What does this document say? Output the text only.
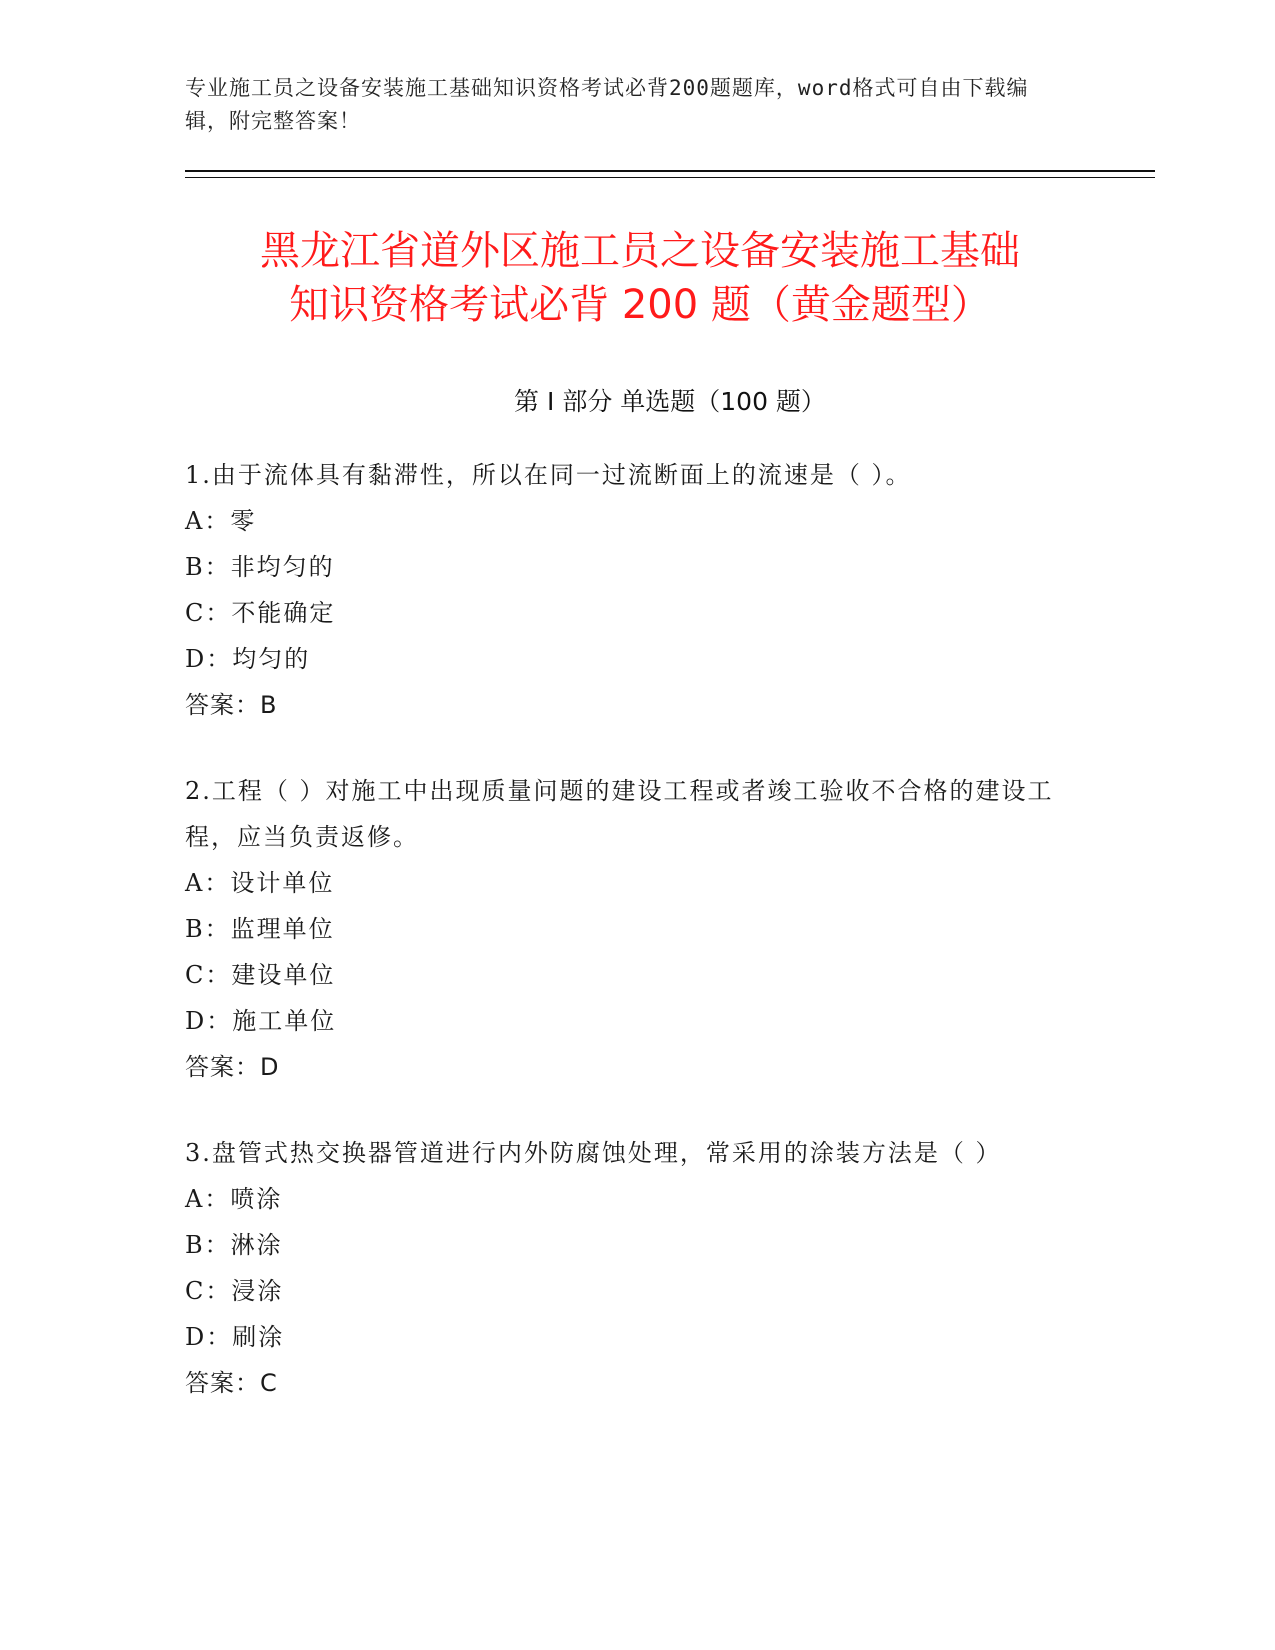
专业施工员之设备安装施工基础知识资格考试必背200题题库，word格式可自由下载编辑，附完整答案！
黑龙江省道外区施工员之设备安装施工基础
知识资格考试必背 200 题（黄金题型）
第 I 部分 单选题（100 题）

1.由于流体具有黏滞性，所以在同一过流断面上的流速是（ ）。

A：零

B：非均匀的

C：不能确定

D：均匀的

答案：B

2.工程（ ）对施工中出现质量问题的建设工程或者竣工验收不合格的建设工程，应当负责返修。

A：设计单位

B：监理单位

C：建设单位

D：施工单位

答案：D

3.盘管式热交换器管道进行内外防腐蚀处理，常采用的涂装方法是（ ）

A：喷涂

B：淋涂

C：浸涂

D：刷涂

答案：C
